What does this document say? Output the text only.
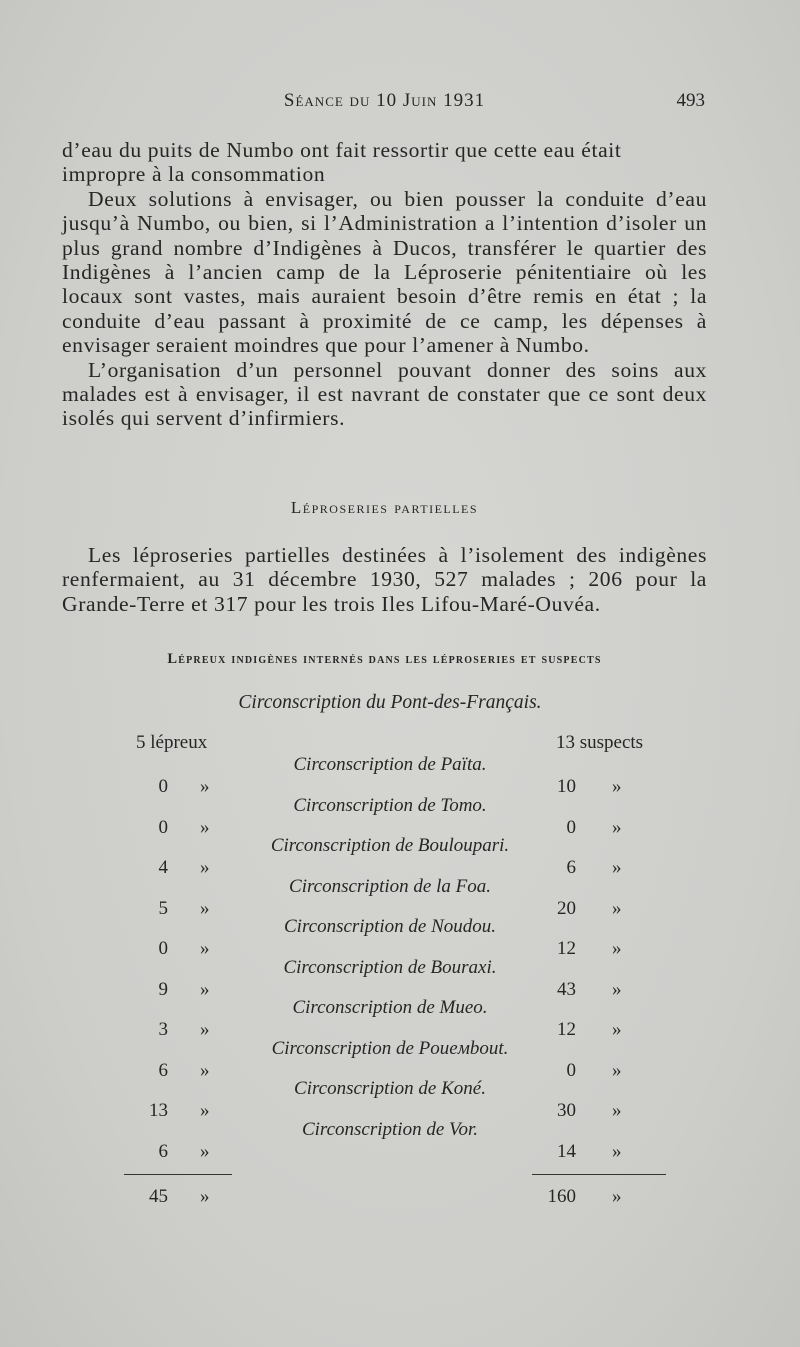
Séance du 10 Juin 1931	493

d’eau du puits de Numbo ont fait ressortir que cette eau était impropre à la consommation

Deux solutions à envisager, ou bien pousser la conduite d’eau jusqu’à Numbo, ou bien, si l’Administration a l’intention d’isoler un plus grand nombre d’Indigènes à Ducos, transférer le quartier des Indigènes à l’ancien camp de la Léproserie pénitentiaire où les locaux sont vastes, mais auraient besoin d’être remis en état ; la conduite d’eau passant à proximité de ce camp, les dépenses à envisager seraient moindres que pour l’amener à Numbo.

L’organisation d’un personnel pouvant donner des soins aux malades est à envisager, il est navrant de constater que ce sont deux isolés qui servent d’infirmiers.

Léproseries partielles

Les léproseries partielles destinées à l’isolement des indigènes renfermaient, au 31 décembre 1930, 527 malades ; 206 pour la Grande-Terre et 317 pour les trois Iles Lifou-Maré-Ouvéa.

Lépreux indigènes internés dans les léproseries et suspects
Circonscription du Pont-des-Français.
5 lépreux	13 suspects
Circonscription de Païta.
0 »	10 »
Circonscription de Tomo.
0 »	0 »
Circonscription de Bouloupari.
4 »	6 »
Circonscription de la Foa.
5 »	20 »
Circonscription de Noudou.
0 »	12 »
Circonscription de Bouraxi.
9 »	43 »
Circonscription de Mueo.
3 »	12 »
Circonscription de Poueмbout.
6 »	0 »
Circonscription de Koné.
13 »	30 »
Circonscription de Vor.
6 »	14 »
45 »	160 »
